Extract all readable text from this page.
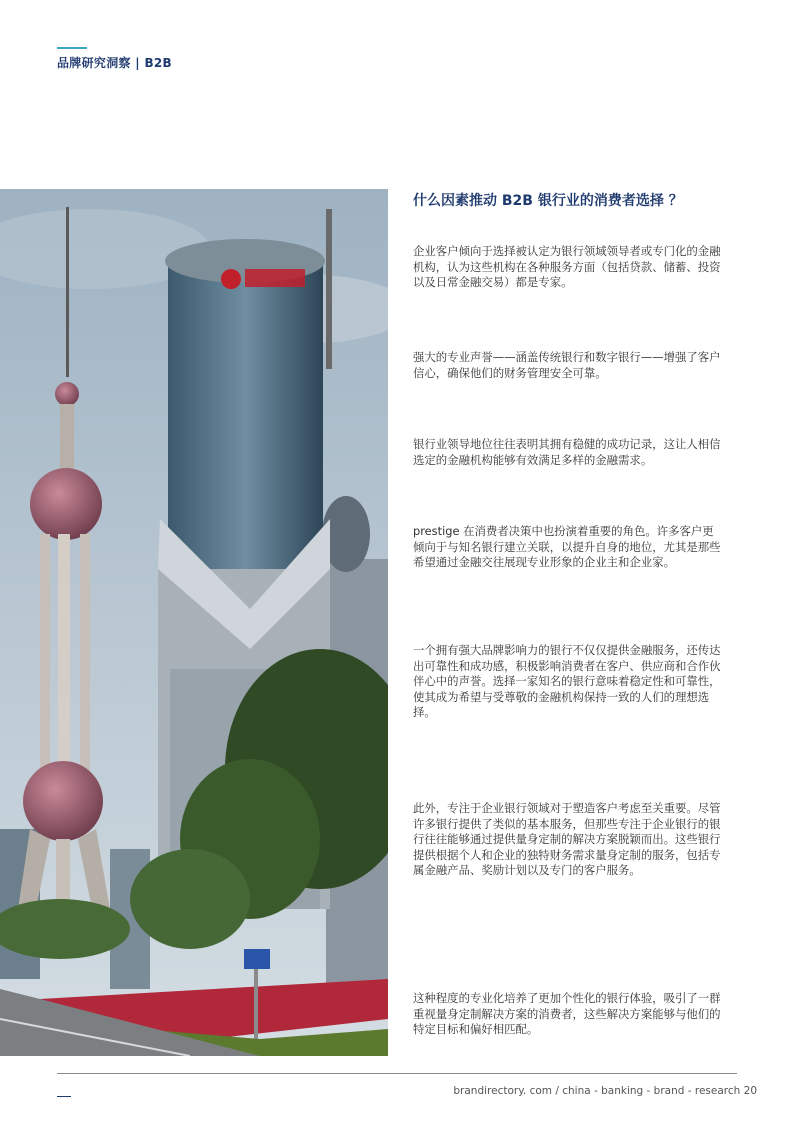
品牌研究洞察 | B2B
什么因素推动 B2B 银行业的消费者选择 ？

企业客户倾向于选择被认定为银行领域领导者或专门化的金融机构，认为这些机构在各种服务方面（包括贷款、储蓄、投资以及日常金融交易）都是专家。

强大的专业声誉——涵盖传统银行和数字银行——增强了客户信心，确保他们的财务管理安全可靠。

银行业领导地位往往表明其拥有稳健的成功记录，这让人相信选定的金融机构能够有效满足多样的金融需求。

prestige 在消费者决策中也扮演着重要的角色。许多客户更倾向于与知名银行建立关联，以提升自身的地位，尤其是那些希望通过金融交往展现专业形象的企业主和企业家。

一个拥有强大品牌影响力的银行不仅仅提供金融服务，还传达出可靠性和成功感，积极影响消费者在客户、供应商和合作伙伴心中的声誉。选择一家知名的银行意味着稳定性和可靠性，使其成为希望与受尊敬的金融机构保持一致的人们的理想选择。

此外，专注于企业银行领域对于塑造客户考虑至关重要。尽管许多银行提供了类似的基本服务，但那些专注于企业银行的银行往往能够通过提供量身定制的解决方案脱颖而出。这些银行提供根据个人和企业的独特财务需求量身定制的服务，包括专属金融产品、奖励计划以及专门的客户服务。

这种程度的专业化培养了更加个性化的银行体验，吸引了一群重视量身定制解决方案的消费者，这些解决方案能够与他们的特定目标和偏好相匹配。

brandirectory. com / china - banking - brand - research 20
